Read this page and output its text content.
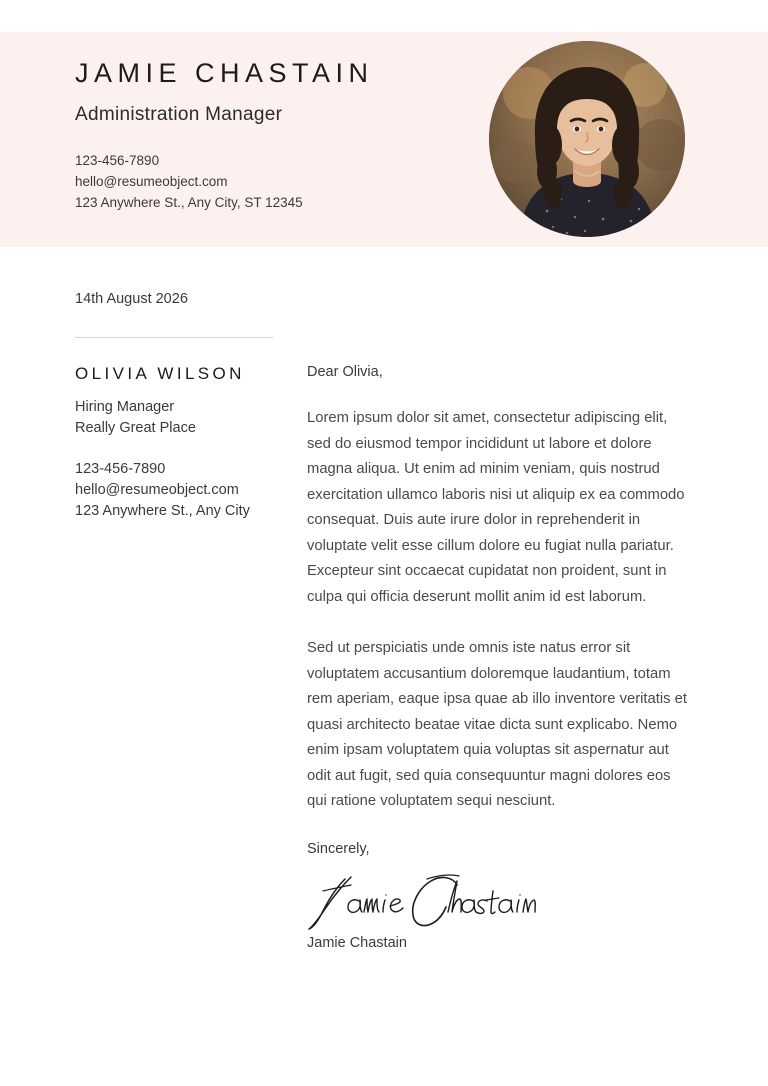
JAMIE CHASTAIN
Administration Manager
123-456-7890
hello@resumeobject.com
123 Anywhere St., Any City, ST 12345
14th August 2026
OLIVIA WILSON
Hiring Manager
Really Great Place
123-456-7890
hello@resumeobject.com
123 Anywhere St., Any City

Dear Olivia,

Lorem ipsum dolor sit amet, consectetur adipiscing elit, sed do eiusmod tempor incididunt ut labore et dolore magna aliqua. Ut enim ad minim veniam, quis nostrud exercitation ullamco laboris nisi ut aliquip ex ea commodo consequat. Duis aute irure dolor in reprehenderit in voluptate velit esse cillum dolore eu fugiat nulla pariatur. Excepteur sint occaecat cupidatat non proident, sunt in culpa qui officia deserunt mollit anim id est laborum.

Sed ut perspiciatis unde omnis iste natus error sit voluptatem accusantium doloremque laudantium, totam rem aperiam, eaque ipsa quae ab illo inventore veritatis et quasi architecto beatae vitae dicta sunt explicabo. Nemo enim ipsam voluptatem quia voluptas sit aspernatur aut odit aut fugit, sed quia consequuntur magni dolores eos qui ratione voluptatem sequi nesciunt.

Sincerely,

Jamie Chastain
